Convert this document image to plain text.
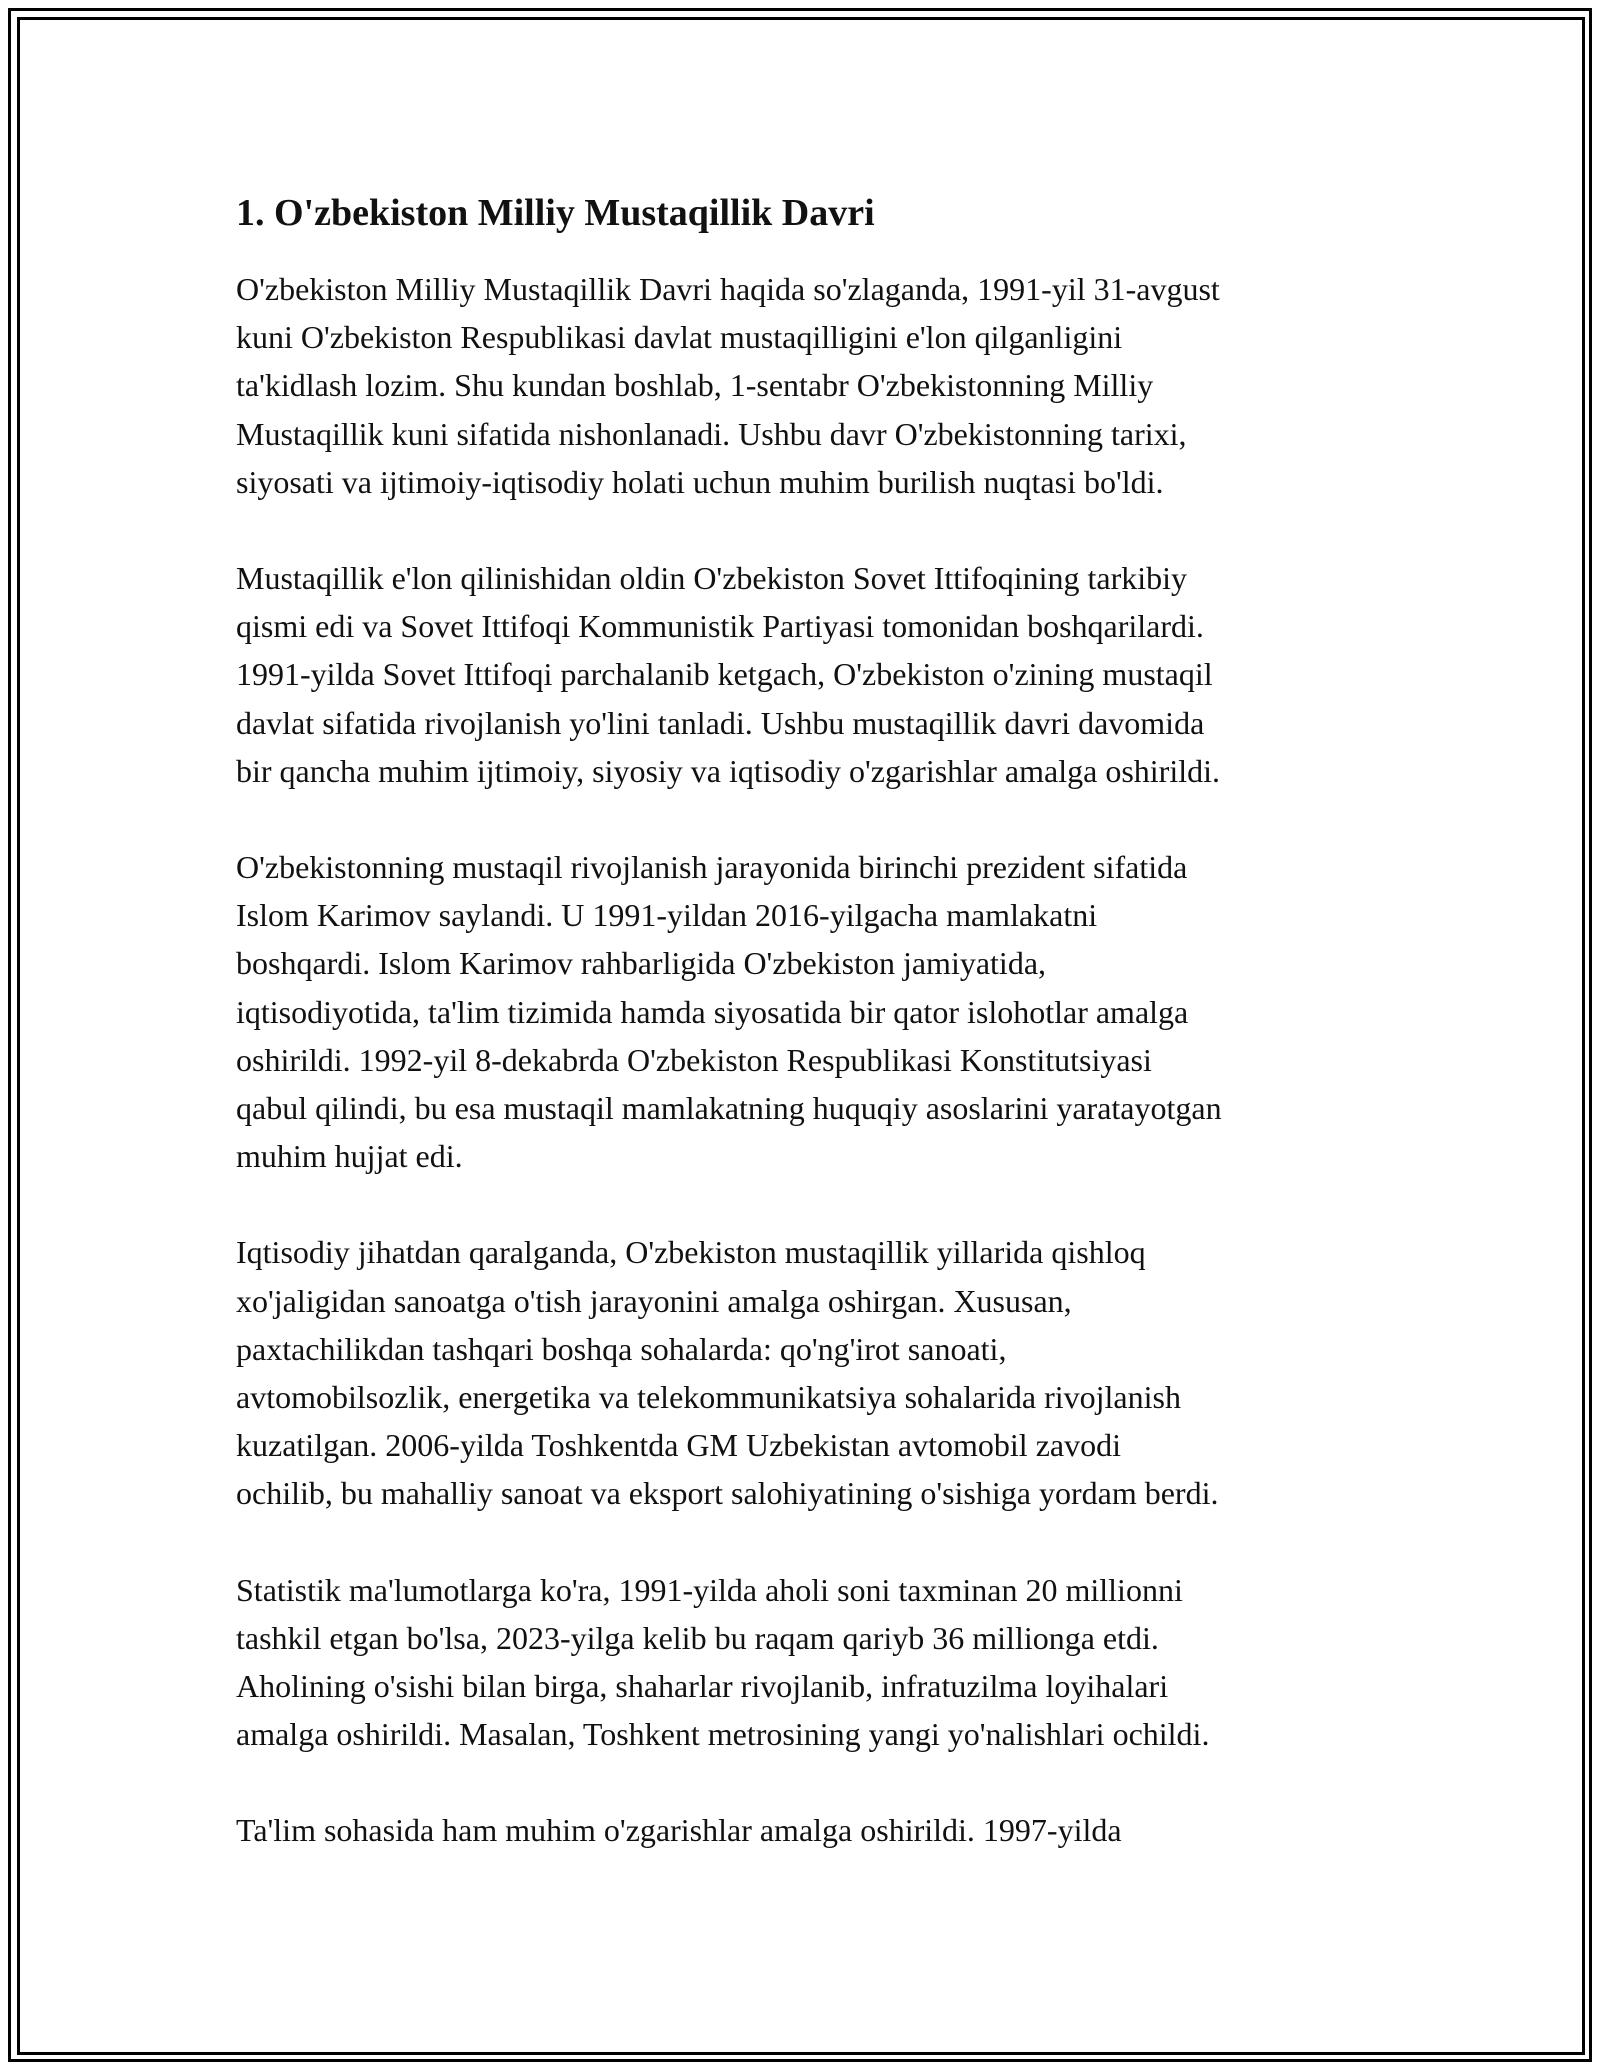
1. O'zbekiston Milliy Mustaqillik Davri
O'zbekiston Milliy Mustaqillik Davri haqida so'zlaganda, 1991-yil 31-avgust
kuni O'zbekiston Respublikasi davlat mustaqilligini e'lon qilganligini
ta'kidlash lozim. Shu kundan boshlab, 1-sentabr O'zbekistonning Milliy
Mustaqillik kuni sifatida nishonlanadi. Ushbu davr O'zbekistonning tarixi,
siyosati va ijtimoiy-iqtisodiy holati uchun muhim burilish nuqtasi bo'ldi.
Mustaqillik e'lon qilinishidan oldin O'zbekiston Sovet Ittifoqining tarkibiy
qismi edi va Sovet Ittifoqi Kommunistik Partiyasi tomonidan boshqarilardi.
1991-yilda Sovet Ittifoqi parchalanib ketgach, O'zbekiston o'zining mustaqil
davlat sifatida rivojlanish yo'lini tanladi. Ushbu mustaqillik davri davomida
bir qancha muhim ijtimoiy, siyosiy va iqtisodiy o'zgarishlar amalga oshirildi.
O'zbekistonning mustaqil rivojlanish jarayonida birinchi prezident sifatida
Islom Karimov saylandi. U 1991-yildan 2016-yilgacha mamlakatni
boshqardi. Islom Karimov rahbarligida O'zbekiston jamiyatida,
iqtisodiyotida, ta'lim tizimida hamda siyosatida bir qator islohotlar amalga
oshirildi. 1992-yil 8-dekabrda O'zbekiston Respublikasi Konstitutsiyasi
qabul qilindi, bu esa mustaqil mamlakatning huquqiy asoslarini yaratayotgan
muhim hujjat edi.
Iqtisodiy jihatdan qaralganda, O'zbekiston mustaqillik yillarida qishloq
xo'jaligidan sanoatga o'tish jarayonini amalga oshirgan. Xususan,
paxtachilikdan tashqari boshqa sohalarda: qo'ng'irot sanoati,
avtomobilsozlik, energetika va telekommunikatsiya sohalarida rivojlanish
kuzatilgan. 2006-yilda Toshkentda GM Uzbekistan avtomobil zavodi
ochilib, bu mahalliy sanoat va eksport salohiyatining o'sishiga yordam berdi.
Statistik ma'lumotlarga ko'ra, 1991-yilda aholi soni taxminan 20 millionni
tashkil etgan bo'lsa, 2023-yilga kelib bu raqam qariyb 36 millionga etdi.
Aholining o'sishi bilan birga, shaharlar rivojlanib, infratuzilma loyihalari
amalga oshirildi. Masalan, Toshkent metrosining yangi yo'nalishlari ochildi.
Ta'lim sohasida ham muhim o'zgarishlar amalga oshirildi. 1997-yilda
